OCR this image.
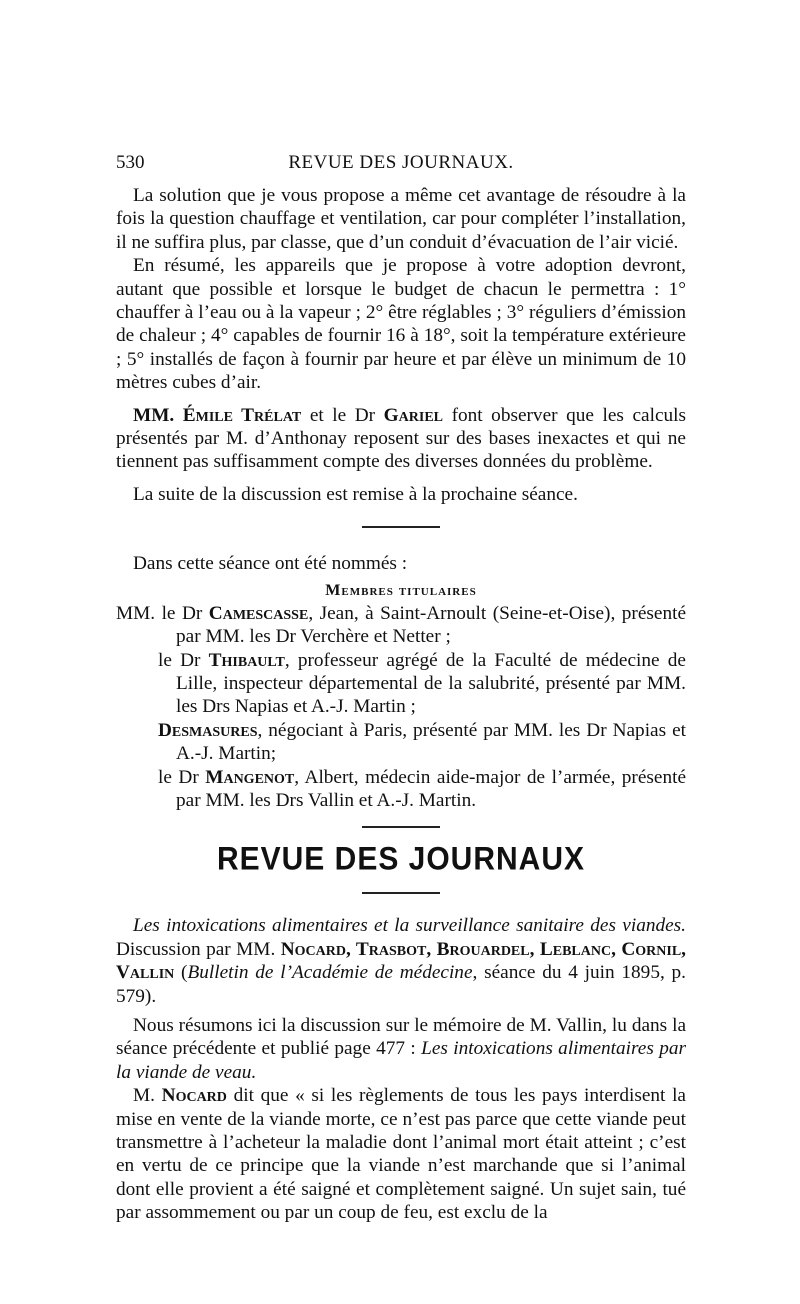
530	REVUE DES JOURNAUX.

La solution que je vous propose a même cet avantage de résoudre à la fois la question chauffage et ventilation, car pour compléter l’installation, il ne suffira plus, par classe, que d’un conduit d’évacuation de l’air vicié.

En résumé, les appareils que je propose à votre adoption devront, autant que possible et lorsque le budget de chacun le permettra : 1° chauffer à l’eau ou à la vapeur ; 2° être réglables ; 3° réguliers d’émission de chaleur ; 4° capables de fournir 16 à 18°, soit la température extérieure ; 5° installés de façon à fournir par heure et par élève un minimum de 10 mètres cubes d’air.

MM. Émile Trélat et le Dr Gariel font observer que les calculs présentés par M. d’Anthonay reposent sur des bases inexactes et qui ne tiennent pas suffisamment compte des diverses données du problème.

La suite de la discussion est remise à la prochaine séance.

Dans cette séance ont été nommés :

Membres titulaires

MM. le Dr Camescasse, Jean, à Saint-Arnoult (Seine-et-Oise), présenté par MM. les Dr Verchère et Netter ;

le Dr Thibault, professeur agrégé de la Faculté de médecine de Lille, inspecteur départemental de la salubrité, présenté par MM. les Drs Napias et A.-J. Martin ;

Desmasures, négociant à Paris, présenté par MM. les Dr Napias et A.-J. Martin;

le Dr Mangenot, Albert, médecin aide-major de l’armée, présenté par MM. les Drs Vallin et A.-J. Martin.

REVUE DES JOURNAUX

Les intoxications alimentaires et la surveillance sanitaire des viandes. Discussion par MM. Nocard, Trasbot, Brouardel, Leblanc, Cornil, Vallin (Bulletin de l’Académie de médecine, séance du 4 juin 1895, p. 579).

Nous résumons ici la discussion sur le mémoire de M. Vallin, lu dans la séance précédente et publié page 477 : Les intoxications alimentaires par la viande de veau.

M. Nocard dit que « si les règlements de tous les pays interdisent la mise en vente de la viande morte, ce n’est pas parce que cette viande peut transmettre à l’acheteur la maladie dont l’animal mort était atteint ; c’est en vertu de ce principe que la viande n’est marchande que si l’animal dont elle provient a été saigné et complètement saigné. Un sujet sain, tué par assommement ou par un coup de feu, est exclu de la
